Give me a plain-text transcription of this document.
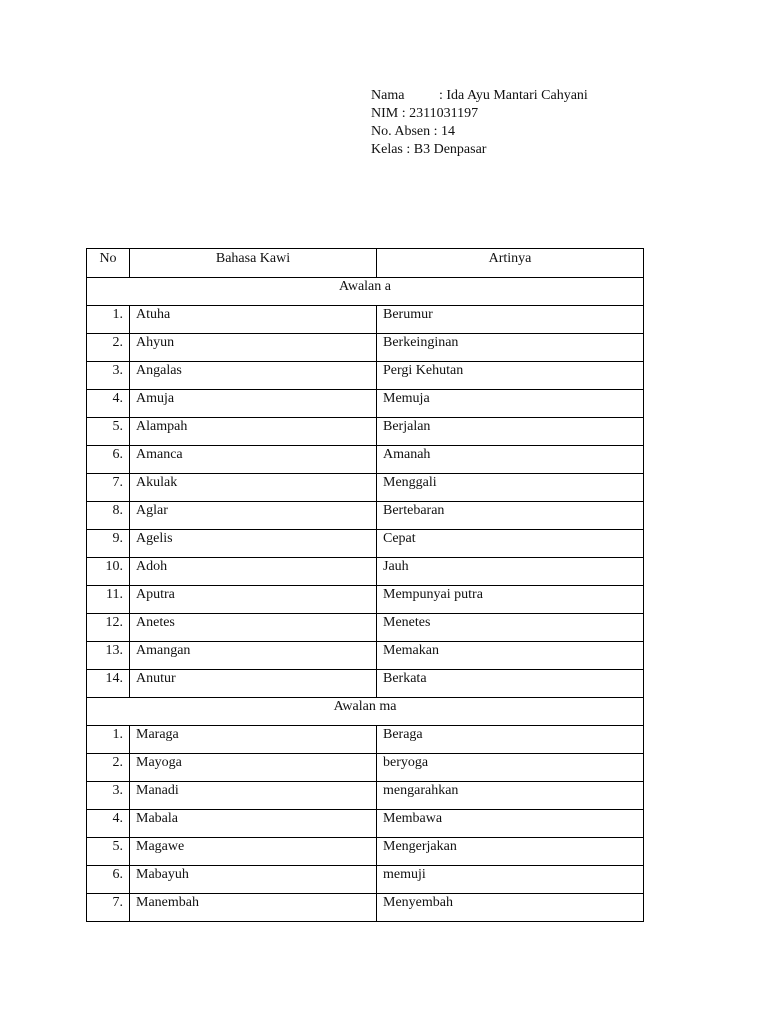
Nama	: Ida Ayu Mantari Cahyani
NIM : 2311031197
No. Absen : 14
Kelas : B3 Denpasar
No	Bahasa Kawi	Artinya
Awalan a		
1.	Atuha	Berumur
2.	Ahyun	Berkeinginan
3.	Angalas	Pergi Kehutan
4.	Amuja	Memuja
5.	Alampah	Berjalan
6.	Amanca	Amanah
7.	Akulak	Menggali
8.	Aglar	Bertebaran
9.	Agelis	Cepat
10.	Adoh	Jauh
11.	Aputra	Mempunyai putra
12.	Anetes	Menetes
13.	Amangan	Memakan
14.	Anutur	Berkata
Awalan ma		
1.	Maraga	Beraga
2.	Mayoga	beryoga
3.	Manadi	mengarahkan
4.	Mabala	Membawa
5.	Magawe	Mengerjakan
6.	Mabayuh	memuji
7.	Manembah	Menyembah
